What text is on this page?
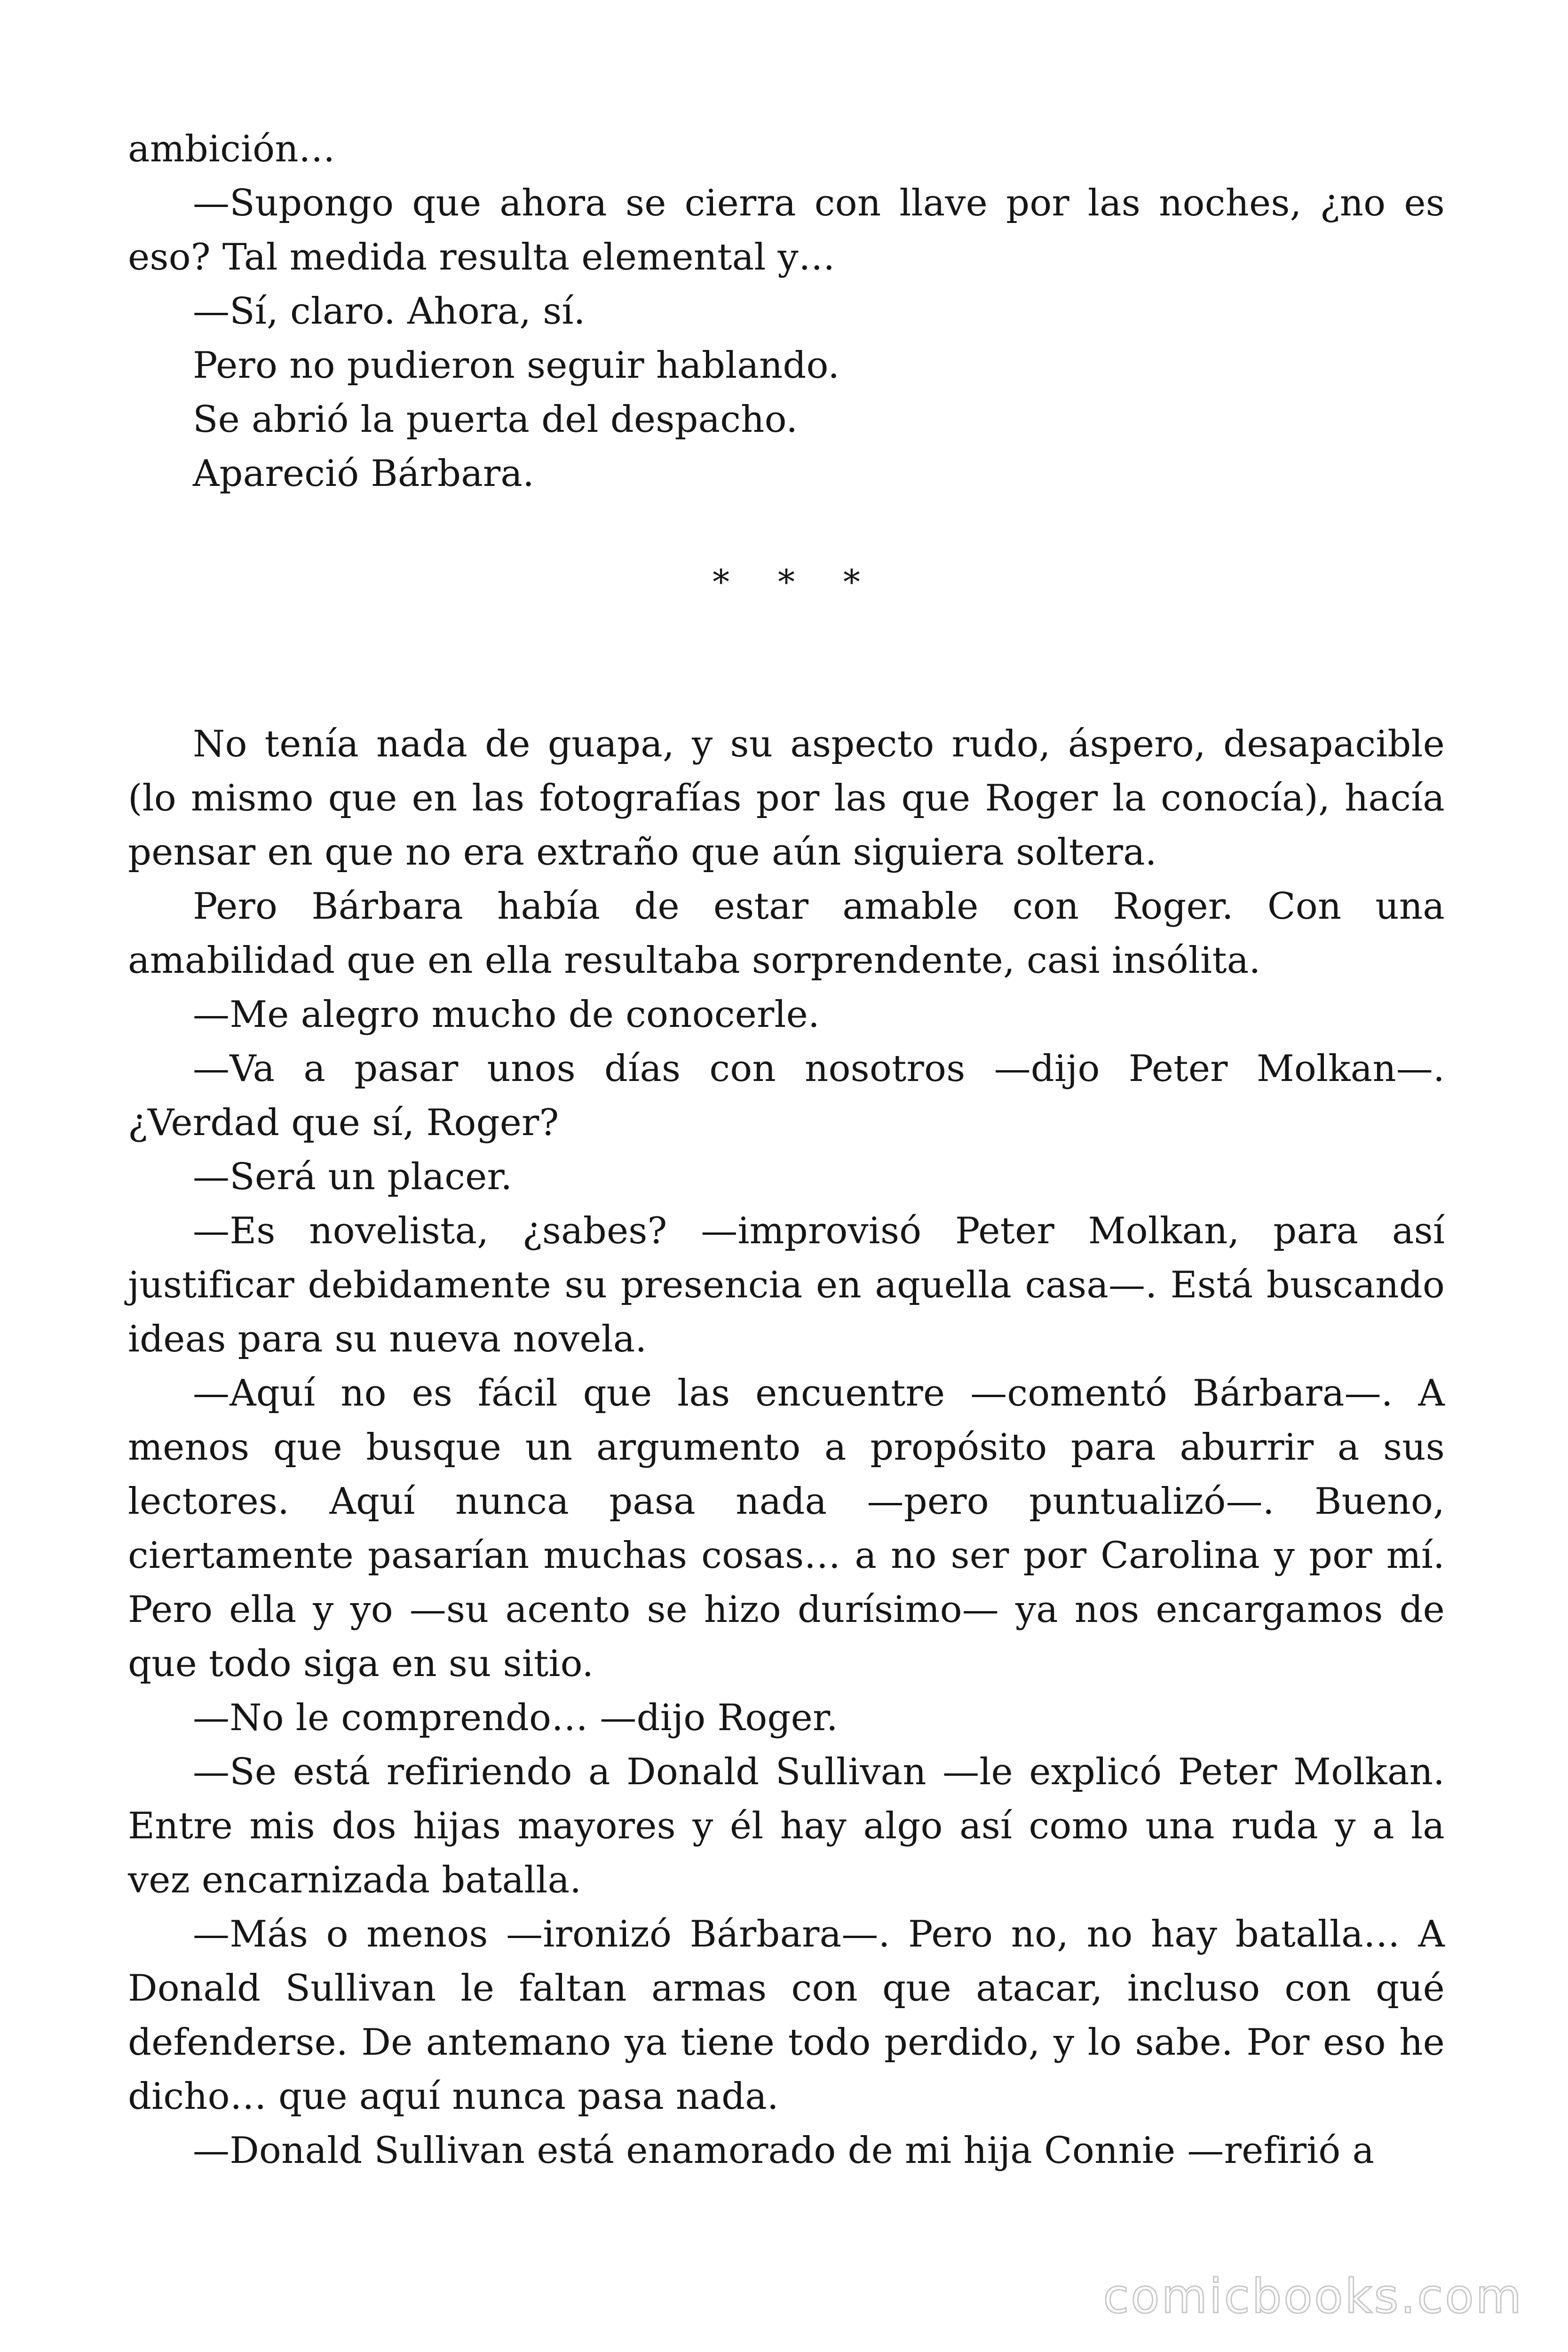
ambición…

—Supongo que ahora se cierra con llave por las noches, ¿no es eso? Tal medida resulta elemental y…

—Sí, claro. Ahora, sí.

Pero no pudieron seguir hablando.

Se abrió la puerta del despacho.

Apareció Bárbara.

* * *

No tenía nada de guapa, y su aspecto rudo, áspero, desapacible (lo mismo que en las fotografías por las que Roger la conocía), hacía pensar en que no era extraño que aún siguiera soltera.

Pero Bárbara había de estar amable con Roger. Con una amabilidad que en ella resultaba sorprendente, casi insólita.

—Me alegro mucho de conocerle.

—Va a pasar unos días con nosotros —dijo Peter Molkan—. ¿Verdad que sí, Roger?

—Será un placer.

—Es novelista, ¿sabes? —improvisó Peter Molkan, para así justificar debidamente su presencia en aquella casa—. Está buscando ideas para su nueva novela.

—Aquí no es fácil que las encuentre —comentó Bárbara—. A menos que busque un argumento a propósito para aburrir a sus lectores. Aquí nunca pasa nada —pero puntualizó—. Bueno, ciertamente pasarían muchas cosas… a no ser por Carolina y por mí. Pero ella y yo —su acento se hizo durísimo— ya nos encargamos de que todo siga en su sitio.

—No le comprendo… —dijo Roger.

—Se está refiriendo a Donald Sullivan —le explicó Peter Molkan. Entre mis dos hijas mayores y él hay algo así como una ruda y a la vez encarnizada batalla.

—Más o menos —ironizó Bárbara—. Pero no, no hay batalla… A Donald Sullivan le faltan armas con que atacar, incluso con qué defenderse. De antemano ya tiene todo perdido, y lo sabe. Por eso he dicho… que aquí nunca pasa nada.

—Donald Sullivan está enamorado de mi hija Connie —refirió a

comicbooks.com
